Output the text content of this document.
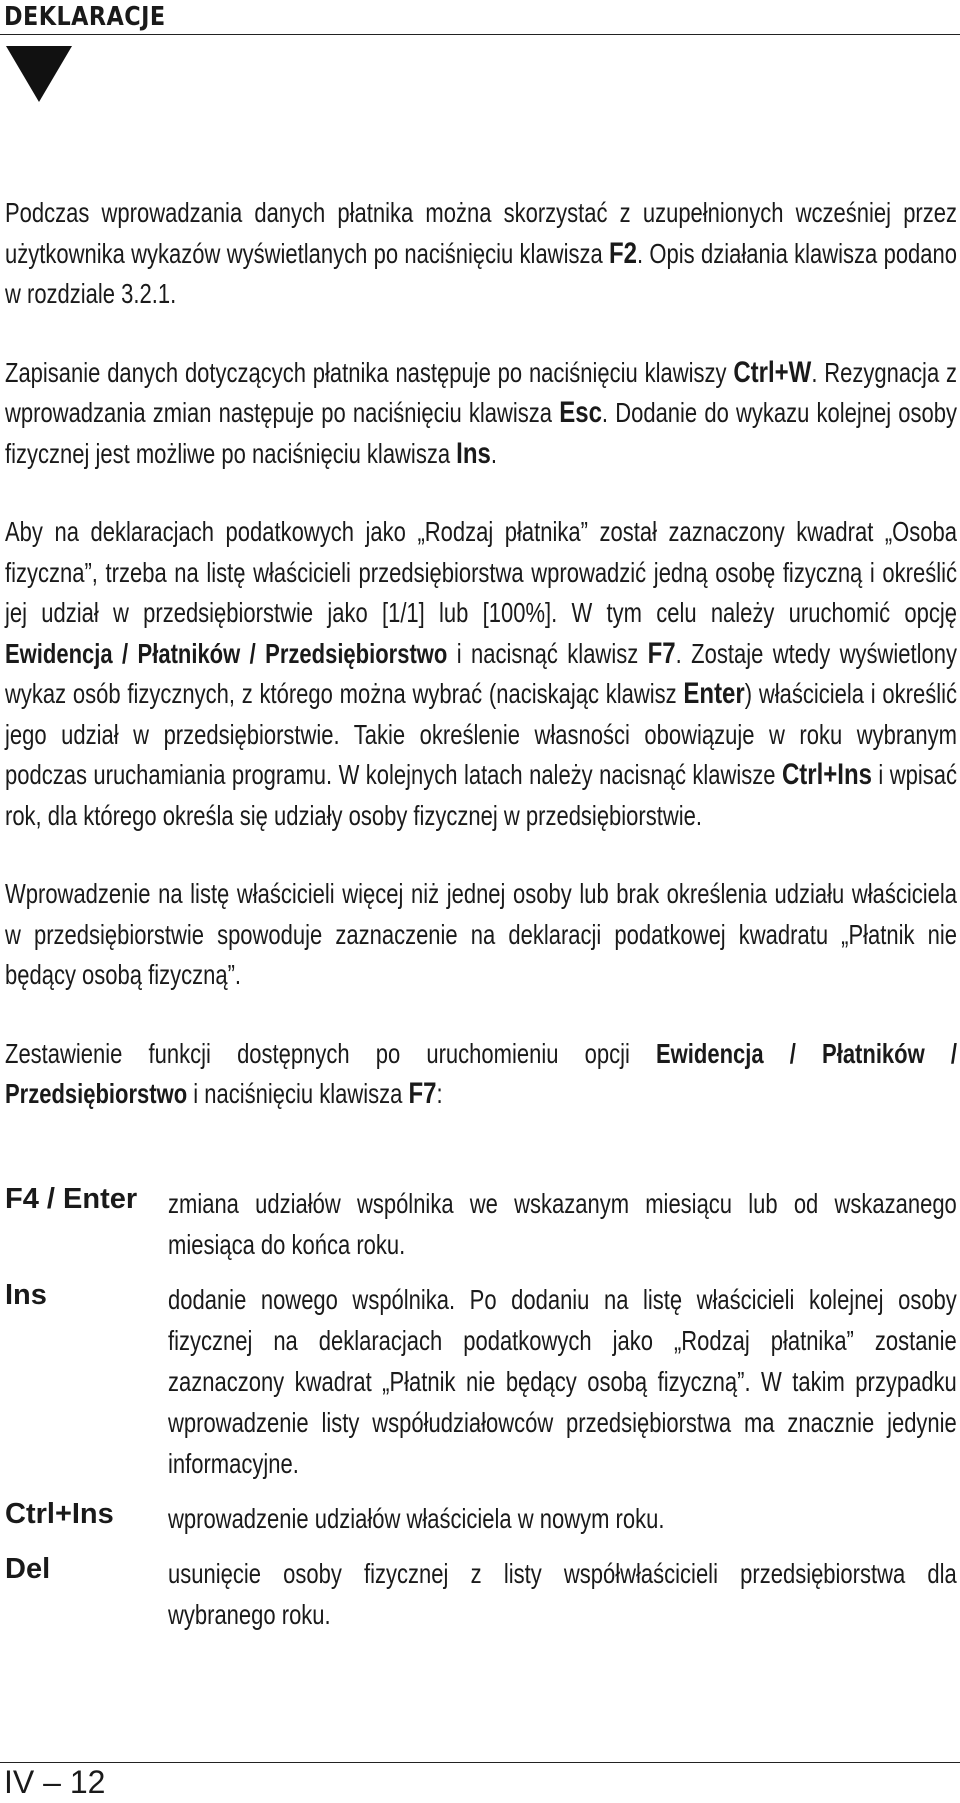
DEKLARACJE

Podczas wprowadzania danych płatnika można skorzystać z uzupełnionych wcześniej przez użytkownika wykazów wyświetlanych po naciśnięciu klawisza F2. Opis działania klawisza podano w rozdziale 3.2.1.

Zapisanie danych dotyczących płatnika następuje po naciśnięciu klawiszy Ctrl+W. Rezygnacja z wprowadzania zmian następuje po naciśnięciu klawisza Esc. Dodanie do wykazu kolejnej osoby fizycznej jest możliwe po naciśnięciu klawisza Ins.

Aby na deklaracjach podatkowych jako „Rodzaj płatnika” został zaznaczony kwadrat „Osoba fizyczna”, trzeba na listę właścicieli przedsiębiorstwa wprowadzić jedną osobę fizyczną i określić jej udział w przedsiębiorstwie jako [1/1] lub [100%]. W tym celu należy uruchomić opcję Ewidencja / Płatników / Przedsiębiorstwo i nacisnąć klawisz F7. Zostaje wtedy wyświetlony wykaz osób fizycznych, z którego można wybrać (naciskając klawisz Enter) właściciela i określić jego udział w przedsiębiorstwie. Takie określenie własności obowiązuje w roku wybranym podczas uruchamiania programu. W kolejnych latach należy nacisnąć klawisze Ctrl+Ins i wpisać rok, dla którego określa się udziały osoby fizycznej w przedsiębiorstwie.

Wprowadzenie na listę właścicieli więcej niż jednej osoby lub brak określenia udziału właściciela w przedsiębiorstwie spowoduje zaznaczenie na deklaracji podatkowej kwadratu „Płatnik nie będący osobą fizyczną”.

Zestawienie funkcji dostępnych po uruchomieniu opcji Ewidencja / Płatników / Przedsiębiorstwo i naciśnięciu klawisza F7:

F4 / Enter zmiana udziałów wspólnika we wskazanym miesiącu lub od wskazanego miesiąca do końca roku.
Ins	dodanie nowego wspólnika. Po dodaniu na listę właścicieli kolejnej osoby fizycznej na deklaracjach podatkowych jako „Rodzaj płatnika” zostanie zaznaczony kwadrat „Płatnik nie będący osobą fizyczną”. W takim przypadku wprowadzenie listy współudziałowców przedsiębiorstwa ma znacznie jedynie informacyjne.
Ctrl+Ins wprowadzenie udziałów właściciela w nowym roku.
Del	usunięcie osoby fizycznej z listy współwłaścicieli przedsiębiorstwa dla wybranego roku.
IV – 12
